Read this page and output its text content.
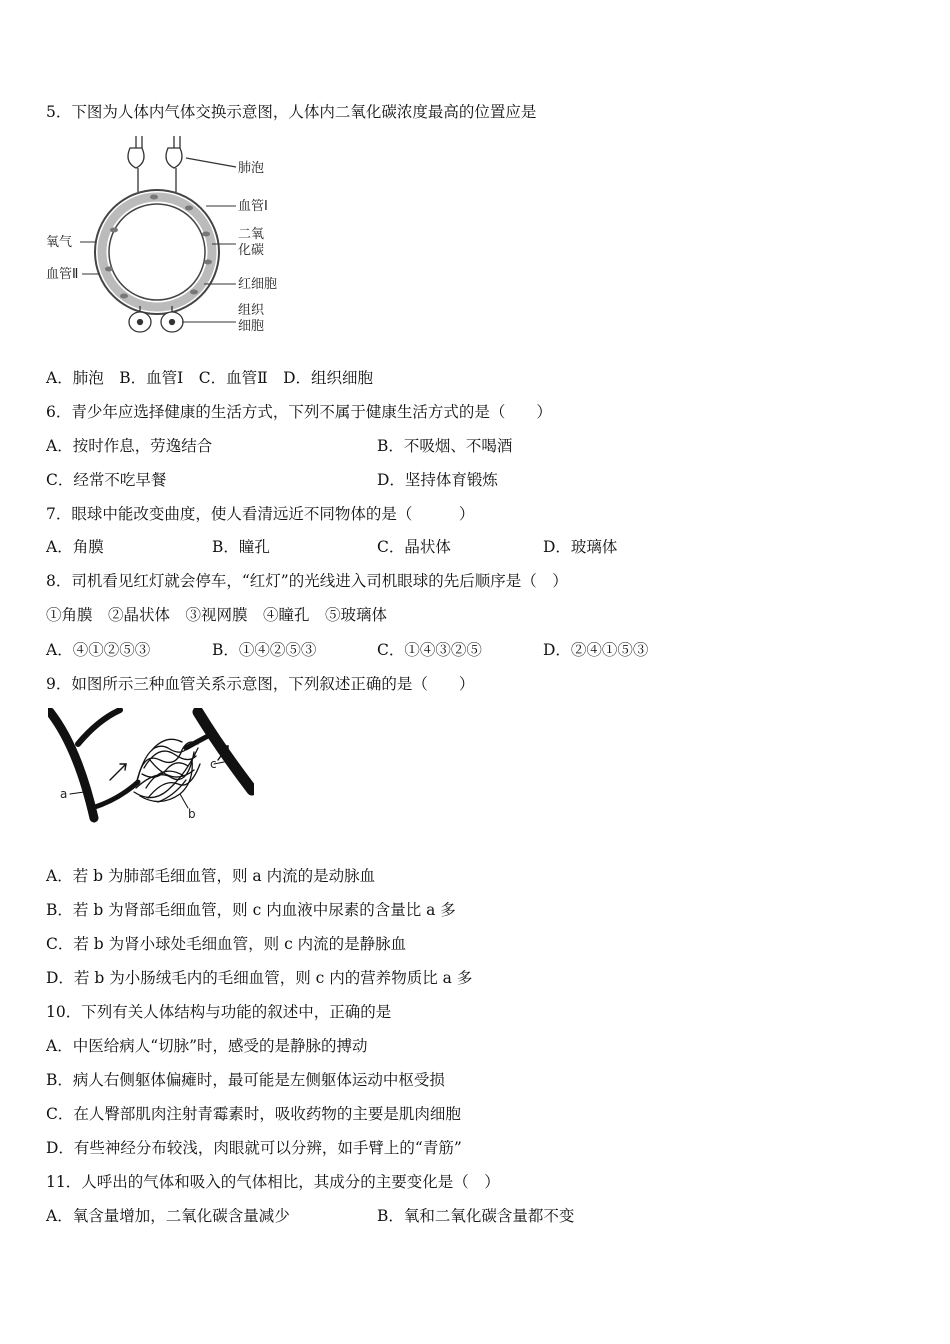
5．下图为人体内气体交换示意图，人体内二氧化碳浓度最高的位置应是
肺泡
血管Ⅰ
二氧
化碳
红细胞
组织
细胞
氧气
血管Ⅱ
A．肺泡　B．血管Ⅰ　C．血管Ⅱ　D．组织细胞
6．青少年应选择健康的生活方式，下列不属于健康生活方式的是（　　）
A．按时作息，劳逸结合	B．不吸烟、不喝酒
C．经常不吃早餐	D．坚持体育锻炼
7．眼球中能改变曲度，使人看清远近不同物体的是（　　　）
A．角膜	B．瞳孔	C．晶状体	D．玻璃体
8．司机看见红灯就会停车，“红灯”的光线进入司机眼球的先后顺序是（　）
①角膜　②晶状体　③视网膜　④瞳孔　⑤玻璃体
A．④①②⑤③	B．①④②⑤③	C．①④③②⑤	D．②④①⑤③
9．如图所示三种血管关系示意图，下列叙述正确的是（　　）
a
b
c
A．若 b 为肺部毛细血管，则 a 内流的是动脉血
B．若 b 为肾部毛细血管，则 c 内血液中尿素的含量比 a 多
C．若 b 为肾小球处毛细血管，则 c 内流的是静脉血
D．若 b 为小肠绒毛内的毛细血管，则 c 内的营养物质比 a 多
10．下列有关人体结构与功能的叙述中，正确的是
A．中医给病人“切脉”时，感受的是静脉的搏动
B．病人右侧躯体偏瘫时，最可能是左侧躯体运动中枢受损
C．在人臀部肌肉注射青霉素时，吸收药物的主要是肌肉细胞
D．有些神经分布较浅，肉眼就可以分辨，如手臂上的“青筋”
11．人呼出的气体和吸入的气体相比，其成分的主要变化是（　）
A．氧含量增加，二氧化碳含量减少	B．氧和二氧化碳含量都不变
